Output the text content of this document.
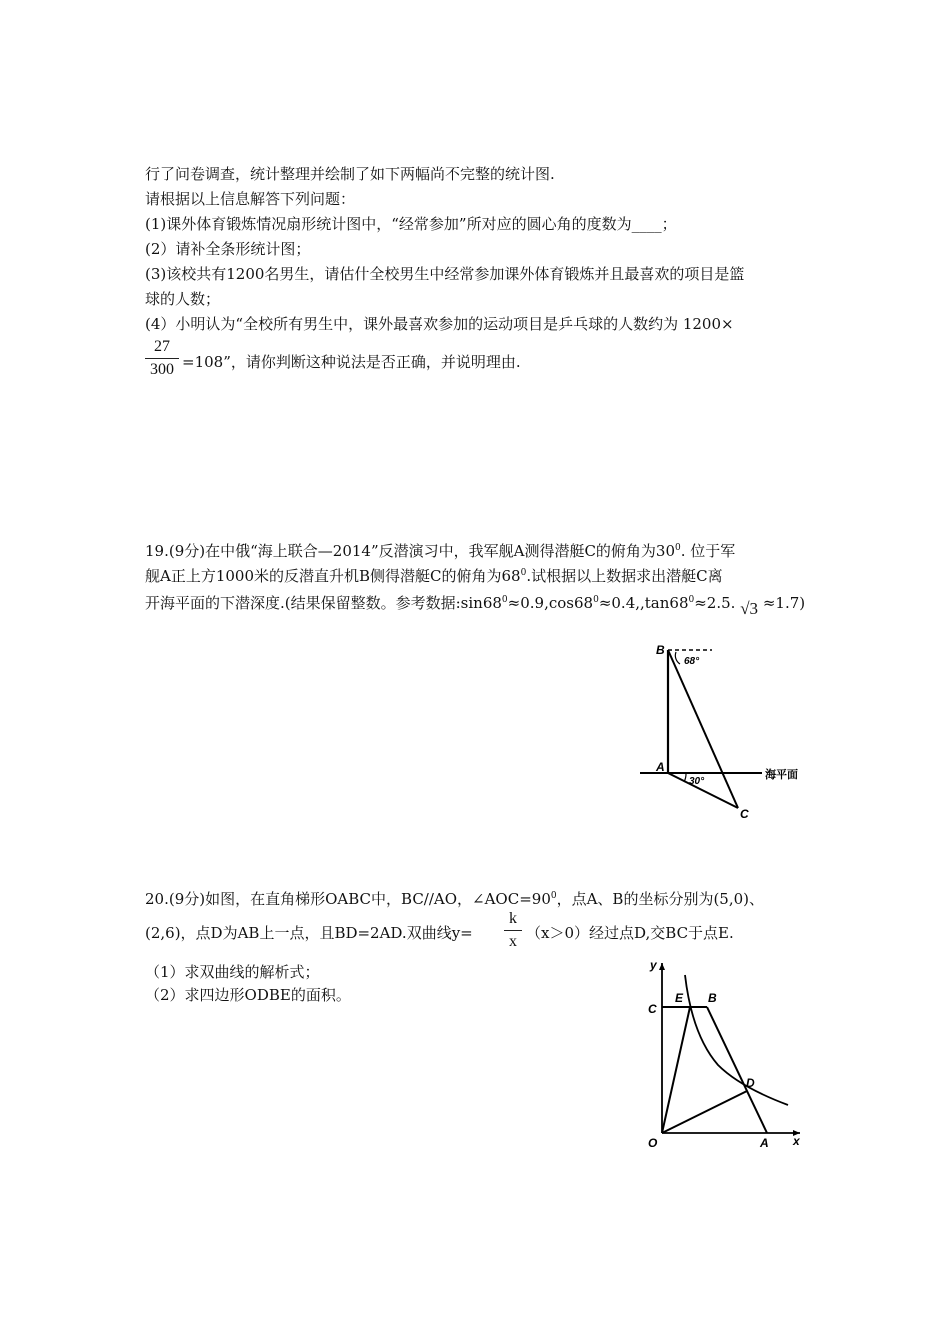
行了问卷调查，统计整理并绘制了如下两幅尚不完整的统计图.
请根据以上信息解答下列问题：
(1)课外体育锻炼情况扇形统计图中，“经常参加”所对应的圆心角的度数为____；
(2）请补全条形统计图；
(3)该校共有1200名男生，请估什全校男生中经常参加课外体育锻炼并且最喜欢的项目是篮
球的人数；
(4）小明认为“全校所有男生中，课外最喜欢参加的运动项目是乒乓球的人数约为 1200×
27
300 =108”，请你判断这种说法是否正确，并说明理由.
19.(9分)在中俄“海上联合—2014”反潜演习中，我军舰A测得潜艇C的俯角为$30^0$. 位于军
舰A正上方1000米的反潜直升机B侧得潜艇C的俯角为$68^0$.试根据以上数据求出潜艇C离
开海平面的下潜深度.(结果保留整数。参考数据$:\sin 68^0\approx 0.9,\cos 68^0\approx 0.4,,\tan 68^0\approx 2.5$. √3 ≈1.7)
B
68°
A
30°
C
海平面
20.(9分)如图，在直角梯形OABC中，BC//AO，$\angle AOC=90^0$，点A、B的坐标分别为(5,0)、
(2,6)，点D为AB上一点，且BD=2AD.双曲线y=
k
x （x＞0）经过点D,交BC于点E.
（1）求双曲线的解析式；
（2）求四边形ODBE的面积。
y
x
C
E B
D
O	A
